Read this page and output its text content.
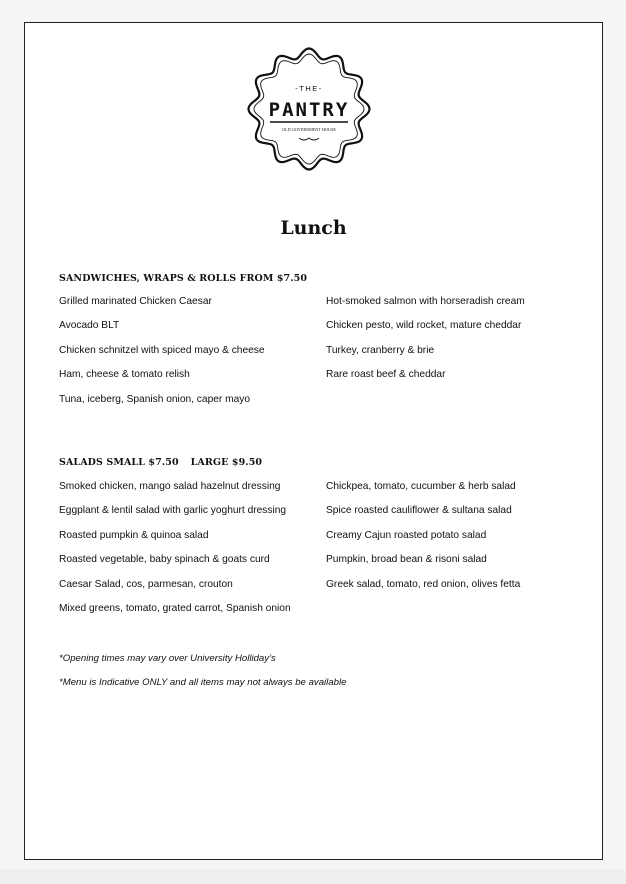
-THE-
PANTRY
OLD GOVERNMENT HOUSE
Lunch
SANDWICHES, WRAPS & ROLLS FROM $7.50
Grilled marinated Chicken Caesar
Avocado BLT
Chicken schnitzel with spiced mayo & cheese
Ham, cheese & tomato relish
Tuna, iceberg, Spanish onion, caper mayo
Hot-smoked salmon with horseradish cream
Chicken pesto, wild rocket, mature cheddar
Turkey, cranberry & brie
Rare roast beef & cheddar
SALADS SMALL $7.50 LARGE $9.50
Smoked chicken, mango salad hazelnut dressing
Eggplant & lentil salad with garlic yoghurt dressing
Roasted pumpkin & quinoa salad
Roasted vegetable, baby spinach & goats curd
Caesar Salad, cos, parmesan, crouton
Mixed greens, tomato, grated carrot, Spanish onion
Chickpea, tomato, cucumber & herb salad
Spice roasted cauliflower & sultana salad
Creamy Cajun roasted potato salad
Pumpkin, broad bean & risoni salad
Greek salad, tomato, red onion, olives fetta
*Opening times may vary over University Holliday’s
*Menu is Indicative ONLY and all items may not always be available
